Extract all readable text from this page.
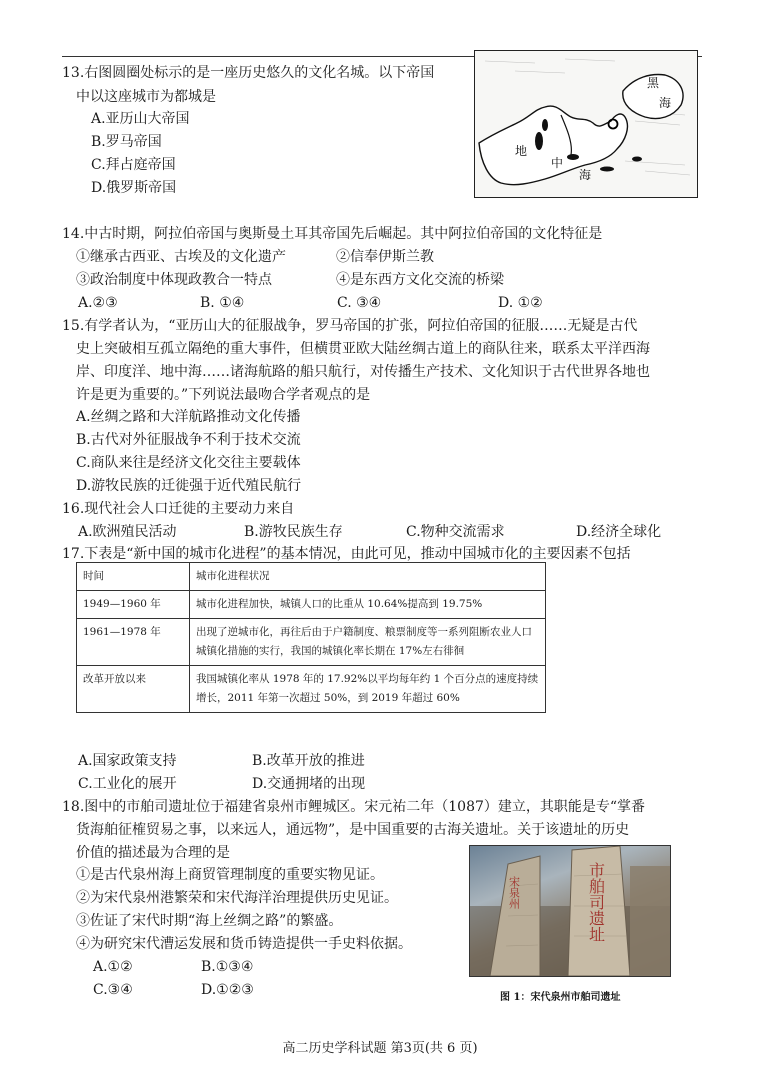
13.右图圆圈处标示的是一座历史悠久的文化名城。以下帝国
中以这座城市为都城是
A.亚历山大帝国
B.罗马帝国
C.拜占庭帝国
D.俄罗斯帝国
黑
海
地
中
海
14.中古时期，阿拉伯帝国与奥斯曼土耳其帝国先后崛起。其中阿拉伯帝国的文化特征是
①继承古西亚、古埃及的文化遗产	②信奉伊斯兰教
③政治制度中体现政教合一特点	④是东西方文化交流的桥梁
A.②③	B. ①④	C. ③④	D. ①②
15.有学者认为，“亚历山大的征服战争，罗马帝国的扩张，阿拉伯帝国的征服……无疑是古代
史上突破相互孤立隔绝的重大事件，但横贯亚欧大陆丝绸古道上的商队往来，联系太平洋西海
岸、印度洋、地中海……诸海航路的船只航行，对传播生产技术、文化知识于古代世界各地也
许是更为重要的。”下列说法最吻合学者观点的是
A.丝绸之路和大洋航路推动文化传播
B.古代对外征服战争不利于技术交流
C.商队来往是经济文化交往主要载体
D.游牧民族的迁徙强于近代殖民航行
16.现代社会人口迁徙的主要动力来自
A.欧洲殖民活动	B.游牧民族生存	C.物种交流需求	D.经济全球化
17.下表是“新中国的城市化进程”的基本情况，由此可见，推动中国城市化的主要因素不包括
时间	城市化进程状况
1949—1960 年	城市化进程加快，城镇人口的比重从 10.64%提高到 19.75%
1961—1978 年	出现了逆城市化，再往后由于户籍制度、粮票制度等一系列阻断农业人口城镇化措施的实行，我国的城镇化率长期在 17%左右徘徊
改革开放以来	我国城镇化率从 1978 年的 17.92%以平均每年约 1 个百分点的速度持续增长，2011 年第一次超过 50%，到 2019 年超过 60%
A.国家政策支持	B.改革开放的推进
C.工业化的展开	D.交通拥堵的出现
18.图中的市舶司遗址位于福建省泉州市鲤城区。宋元祐二年（1087）建立，其职能是专“掌番
货海舶征榷贸易之事，以来远人，通远物”，是中国重要的古海关遗址。关于该遗址的历史
价值的描述最为合理的是
①是古代泉州海上商贸管理制度的重要实物见证。
②为宋代泉州港繁荣和宋代海洋治理提供历史见证。
③佐证了宋代时期“海上丝绸之路”的繁盛。
④为研究宋代漕运发展和货币铸造提供一手史料依据。
A.①②	B.①③④
C.③④	D.①②③
宋泉州	市舶司遗址
图 1：宋代泉州市舶司遗址
高二历史学科试题 第3页(共 6 页)
